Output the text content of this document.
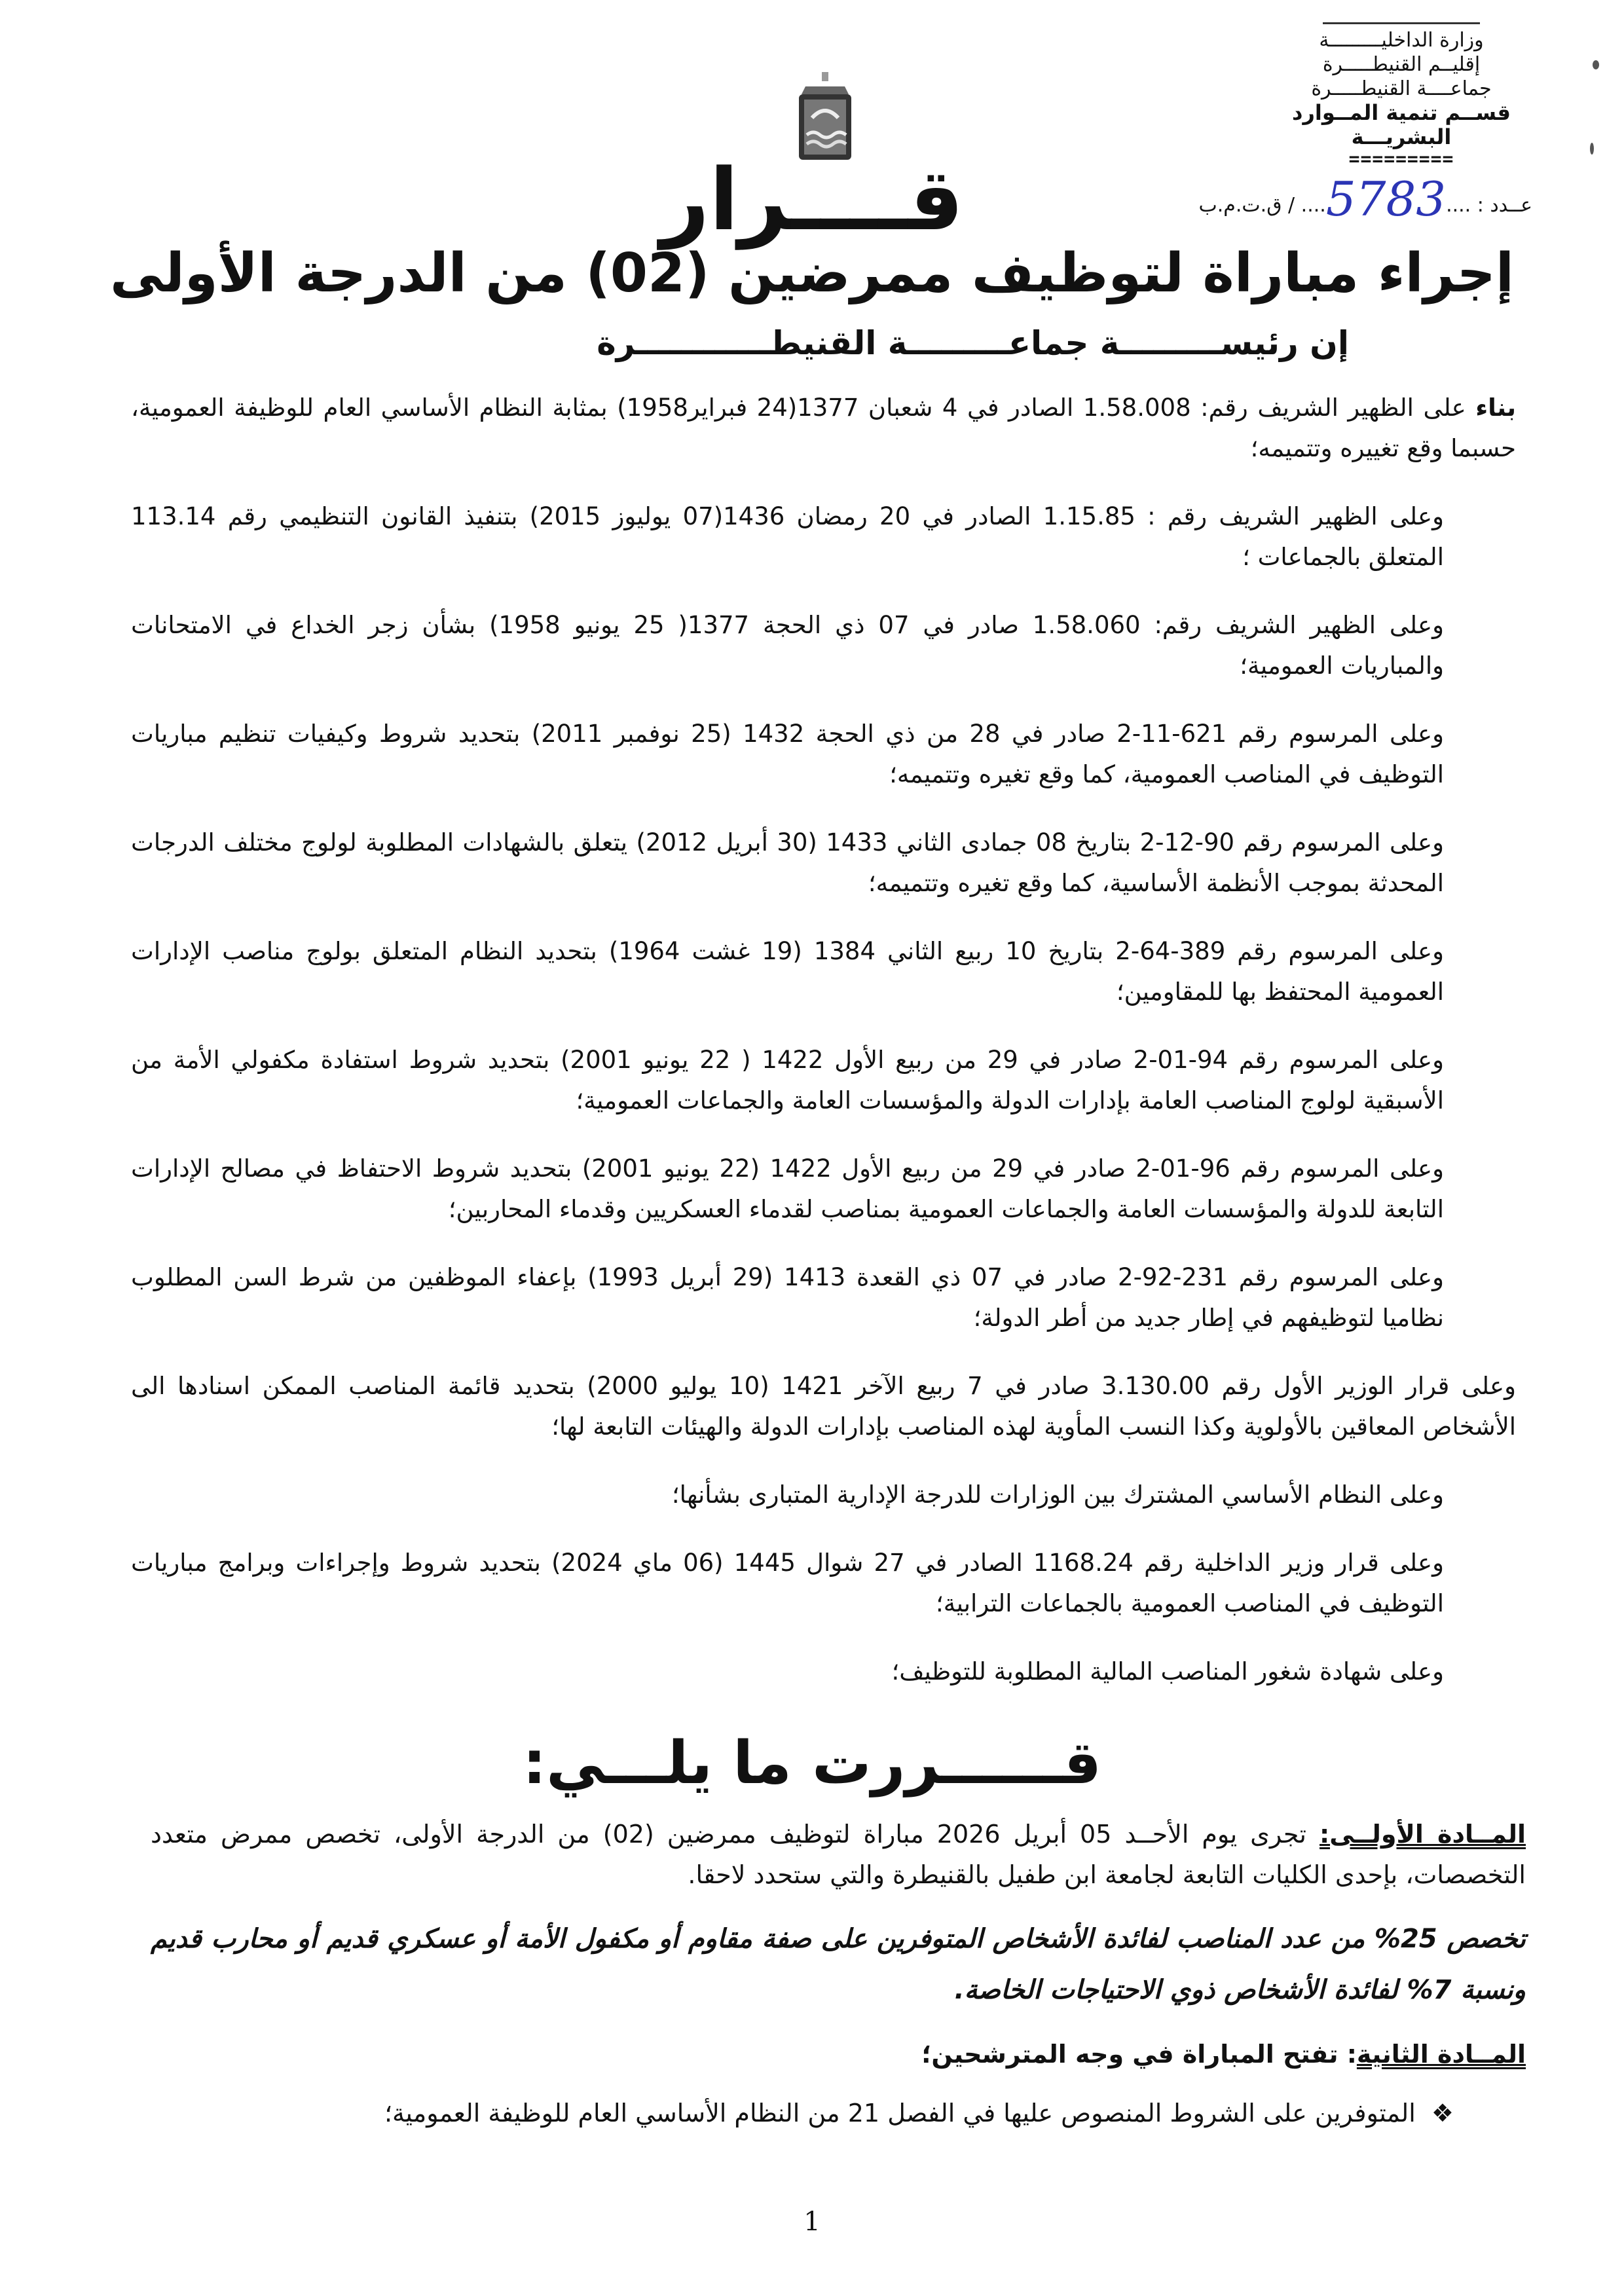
وزارة الداخليـــــــــة
إقليــم القنيطـــــرة
جماعــــة القنيطـــــرة
قســم تنمية المــوارد البشريـــة
=========
عــدد : ....5783.... / ق.ت.م.ب
قــــرار
إجراء مباراة لتوظيف ممرضين (02) من الدرجة الأولى
إن رئيســـــــــة جماعـــــــــة القنيطــــــــــــرة

بناء على الظهير الشريف رقم: 1.58.008 الصادر في 4 شعبان 1377(24 فبراير1958) بمثابة النظام الأساسي العام للوظيفة العمومية، حسبما وقع تغييره وتتميمه؛

وعلى الظهير الشريف رقم : 1.15.85 الصادر في 20 رمضان 1436(07 يوليوز 2015) بتنفيذ القانون التنظيمي رقم 113.14 المتعلق بالجماعات ؛

وعلى الظهير الشريف رقم: 1.58.060 صادر في 07 ذي الحجة 1377( 25 يونيو 1958) بشأن زجر الخداع في الامتحانات والمباريات العمومية؛

وعلى المرسوم رقم 621-11-2 صادر في 28 من ذي الحجة 1432 (25 نوفمبر 2011) بتحديد شروط وكيفيات تنظيم مباريات التوظيف في المناصب العمومية، كما وقع تغيره وتتميمه؛

وعلى المرسوم رقم 90-12-2 بتاريخ 08 جمادى الثاني 1433 (30 أبريل 2012) يتعلق بالشهادات المطلوبة لولوج مختلف الدرجات المحدثة بموجب الأنظمة الأساسية، كما وقع تغيره وتتميمه؛

وعلى المرسوم رقم 389-64-2 بتاريخ 10 ربيع الثاني 1384 (19 غشت 1964) بتحديد النظام المتعلق بولوج مناصب الإدارات العمومية المحتفظ بها للمقاومين؛

وعلى المرسوم رقم 94-01-2 صادر في 29 من ربيع الأول 1422 ( 22 يونيو 2001) بتحديد شروط استفادة مكفولي الأمة من الأسبقية لولوج المناصب العامة بإدارات الدولة والمؤسسات العامة والجماعات العمومية؛

وعلى المرسوم رقم 96-01-2 صادر في 29 من ربيع الأول 1422 (22 يونيو 2001) بتحديد شروط الاحتفاظ في مصالح الإدارات التابعة للدولة والمؤسسات العامة والجماعات العمومية بمناصب لقدماء العسكريين وقدماء المحاربين؛

وعلى المرسوم رقم 231-92-2 صادر في 07 ذي القعدة 1413 (29 أبريل 1993) بإعفاء الموظفين من شرط السن المطلوب نظاميا لتوظيفهم في إطار جديد من أطر الدولة؛

وعلى قرار الوزير الأول رقم 3.130.00 صادر في 7 ربيع الآخر 1421 (10 يوليو 2000) بتحديد قائمة المناصب الممكن اسنادها الى الأشخاص المعاقين بالأولوية وكذا النسب المأوية لهذه المناصب بإدارات الدولة والهيئات التابعة لها؛

وعلى النظام الأساسي المشترك بين الوزارات للدرجة الإدارية المتبارى بشأنها؛

وعلى قرار وزير الداخلية رقم 1168.24 الصادر في 27 شوال 1445 (06 ماي 2024) بتحديد شروط وإجراءات وبرامج مباريات التوظيف في المناصب العمومية بالجماعات الترابية؛

وعلى شهادة شغور المناصب المالية المطلوبة للتوظيف؛

قــــــررت ما يلـــي:

المــادة الأولــى: تجرى يوم الأحــد 05 أبريل 2026 مباراة لتوظيف ممرضين (02) من الدرجة الأولى، تخصص ممرض متعدد التخصصات، بإحدى الكليات التابعة لجامعة ابن طفيل بالقنيطرة والتي ستحدد لاحقا.

تخصص 25% من عدد المناصب لفائدة الأشخاص المتوفرين على صفة مقاوم أو مكفول الأمة أو عسكري قديم أو محارب قديم ونسبة 7% لفائدة الأشخاص ذوي الاحتياجات الخاصة.

المــادة الثانية: تفتح المباراة في وجه المترشحين؛

❖  المتوفرين على الشروط المنصوص عليها في الفصل 21 من النظام الأساسي العام للوظيفة العمومية؛

1
